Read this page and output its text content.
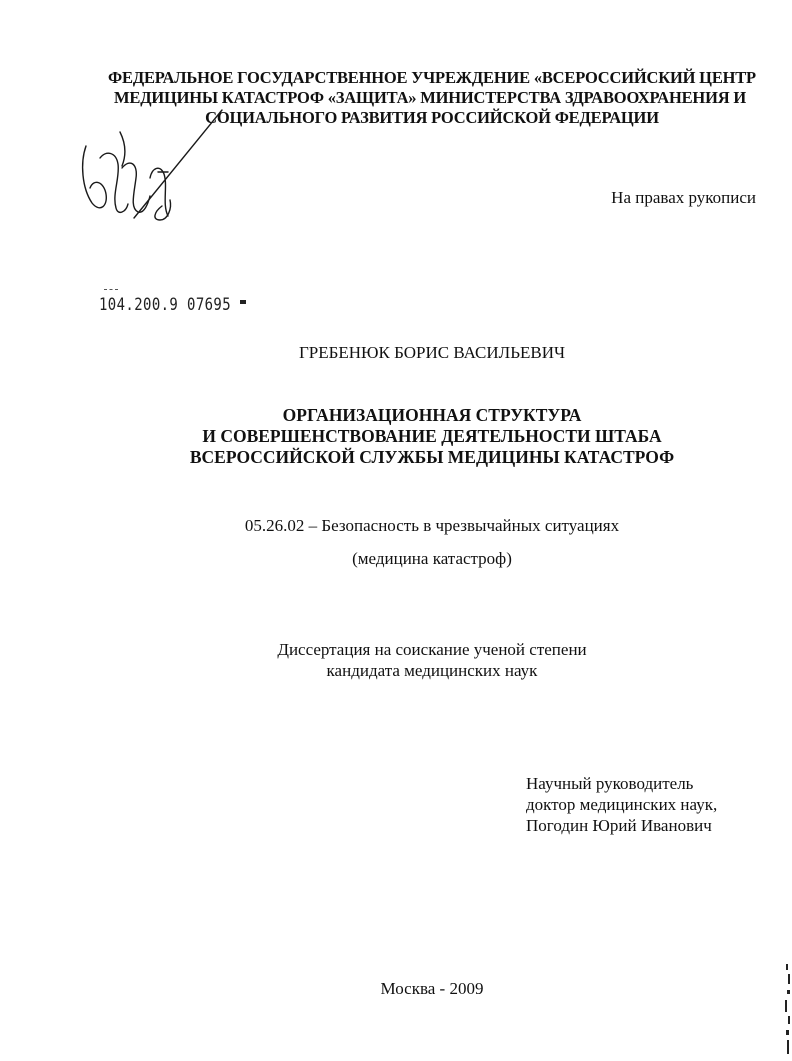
ФЕДЕРАЛЬНОЕ ГОСУДАРСТВЕННОЕ УЧРЕЖДЕНИЕ «ВСЕРОССИЙСКИЙ ЦЕНТР
МЕДИЦИНЫ КАТАСТРОФ «ЗАЩИТА» МИНИСТЕРСТВА ЗДРАВООХРАНЕНИЯ И
СОЦИАЛЬНОГО РАЗВИТИЯ РОССИЙСКОЙ ФЕДЕРАЦИИ
На правах рукописи
104.200.9 07695
ГРЕБЕНЮК БОРИС ВАСИЛЬЕВИЧ
ОРГАНИЗАЦИОННАЯ СТРУКТУРА
И СОВЕРШЕНСТВОВАНИЕ ДЕЯТЕЛЬНОСТИ ШТАБА
ВСЕРОССИЙСКОЙ СЛУЖБЫ МЕДИЦИНЫ КАТАСТРОФ
05.26.02 – Безопасность в чрезвычайных ситуациях
(медицина катастроф)
Диссертация на соискание ученой степени
кандидата медицинских наук
Научный руководитель
доктор медицинских наук,
Погодин Юрий Иванович
Москва - 2009
